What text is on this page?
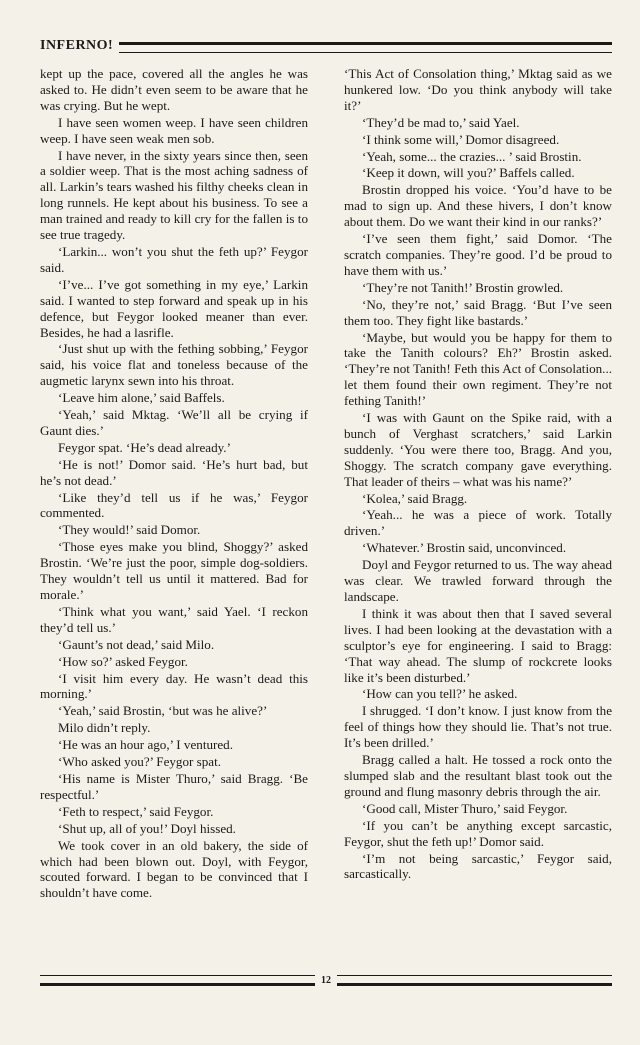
INFERNO!

kept up the pace, covered all the angles he was asked to. He didn’t even seem to be aware that he was crying. But he wept.

I have seen women weep. I have seen children weep. I have seen weak men sob.

I have never, in the sixty years since then, seen a soldier weep. That is the most aching sadness of all. Larkin’s tears washed his filthy cheeks clean in long runnels. He kept about his business. To see a man trained and ready to kill cry for the fallen is to see true tragedy.

‘Larkin... won’t you shut the feth up?’ Feygor said.

‘I’ve... I’ve got something in my eye,’ Larkin said. I wanted to step forward and speak up in his defence, but Feygor looked meaner than ever. Besides, he had a lasrifle.

‘Just shut up with the fething sobbing,’ Feygor said, his voice flat and toneless because of the augmetic larynx sewn into his throat.

‘Leave him alone,’ said Baffels.

‘Yeah,’ said Mktag. ‘We’ll all be crying if Gaunt dies.’

Feygor spat. ‘He’s dead already.’

‘He is not!’ Domor said. ‘He’s hurt bad, but he’s not dead.’

‘Like they’d tell us if he was,’ Feygor commented.

‘They would!’ said Domor.

‘Those eyes make you blind, Shoggy?’ asked Brostin. ‘We’re just the poor, simple dog-soldiers. They wouldn’t tell us until it mattered. Bad for morale.’

‘Think what you want,’ said Yael. ‘I reckon they’d tell us.’

‘Gaunt’s not dead,’ said Milo.

‘How so?’ asked Feygor.

‘I visit him every day. He wasn’t dead this morning.’

‘Yeah,’ said Brostin, ‘but was he alive?’

Milo didn’t reply.

‘He was an hour ago,’ I ventured.

‘Who asked you?’ Feygor spat.

‘His name is Mister Thuro,’ said Bragg. ‘Be respectful.’

‘Feth to respect,’ said Feygor.

‘Shut up, all of you!’ Doyl hissed.

We took cover in an old bakery, the side of which had been blown out. Doyl, with Feygor, scouted forward. I began to be convinced that I shouldn’t have come.

‘This Act of Consolation thing,’ Mktag said as we hunkered low. ‘Do you think anybody will take it?’

‘They’d be mad to,’ said Yael.

‘I think some will,’ Domor disagreed.

‘Yeah, some... the crazies... ’ said Brostin.

‘Keep it down, will you?’ Baffels called.

Brostin dropped his voice. ‘You’d have to be mad to sign up. And these hivers, I don’t know about them. Do we want their kind in our ranks?’

‘I’ve seen them fight,’ said Domor. ‘The scratch companies. They’re good. I’d be proud to have them with us.’

‘They’re not Tanith!’ Brostin growled.

‘No, they’re not,’ said Bragg. ‘But I’ve seen them too. They fight like bastards.’

‘Maybe, but would you be happy for them to take the Tanith colours? Eh?’ Brostin asked. ‘They’re not Tanith! Feth this Act of Consolation... let them found their own regiment. They’re not fething Tanith!’

‘I was with Gaunt on the Spike raid, with a bunch of Verghast scratchers,’ said Larkin suddenly. ‘You were there too, Bragg. And you, Shoggy. The scratch company gave everything. That leader of theirs – what was his name?’

‘Kolea,’ said Bragg.

‘Yeah... he was a piece of work. Totally driven.’

‘Whatever.’ Brostin said, unconvinced.

Doyl and Feygor returned to us. The way ahead was clear. We trawled forward through the landscape.

I think it was about then that I saved several lives. I had been looking at the devastation with a sculptor’s eye for engineering. I said to Bragg: ‘That way ahead. The slump of rockcrete looks like it’s been disturbed.’

‘How can you tell?’ he asked.

I shrugged. ‘I don’t know. I just know from the feel of things how they should lie. That’s not true. It’s been drilled.’

Bragg called a halt. He tossed a rock onto the slumped slab and the resultant blast took out the ground and flung masonry debris through the air.

‘Good call, Mister Thuro,’ said Feygor.

‘If you can’t be anything except sarcastic, Feygor, shut the feth up!’ Domor said.

‘I’m not being sarcastic,’ Feygor said, sarcastically.

12
